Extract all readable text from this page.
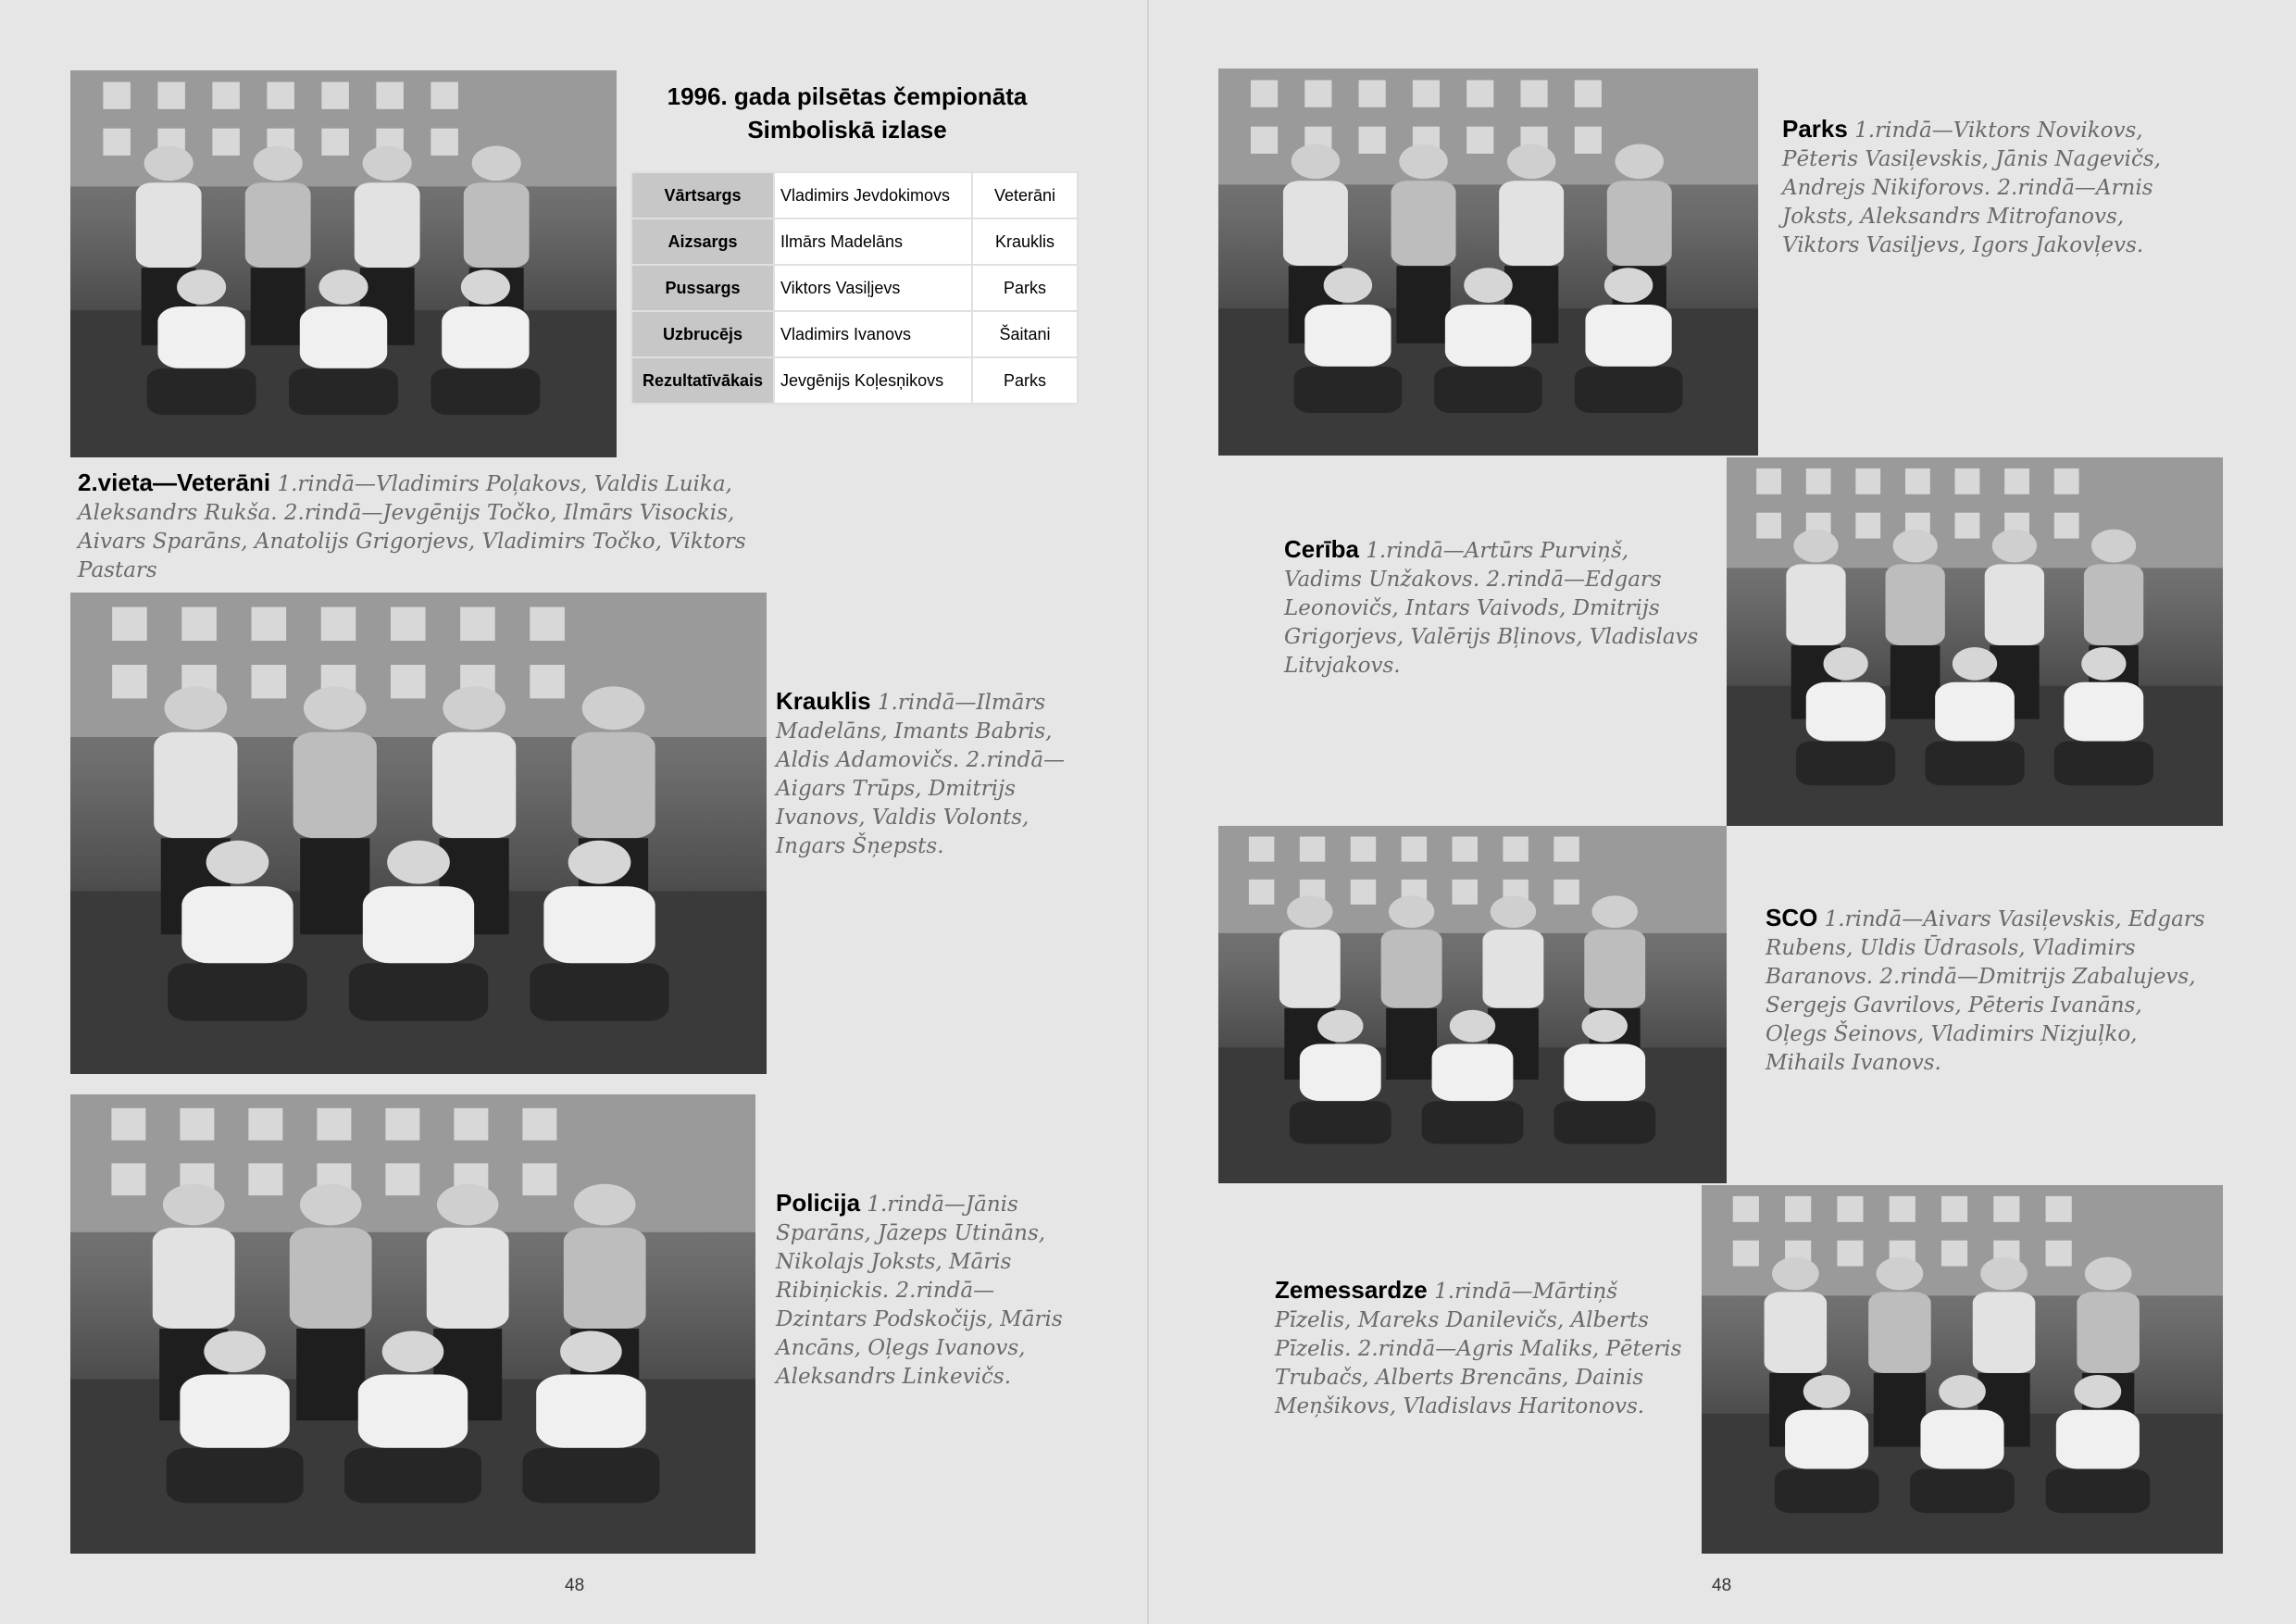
1996. gada pilsētas čempionāta
Simboliskā izlase
Vārtsargs	Vladimirs Jevdokimovs	Veterāni
Aizsargs	Ilmārs Madelāns	Krauklis
Pussargs	Viktors Vasiļjevs	Parks
Uzbrucējs	Vladimirs Ivanovs	Šaitani
Rezultatīvākais	Jevgēnijs Koļesņikovs	Parks
2.vieta—Veterāni 1.rindā—Vladimirs Poļakovs, Valdis Luika, Aleksandrs Rukša. 2.rindā—Jevgēnijs Točko, Ilmārs Visockis, Aivars Sparāns, Anatolijs Grigorjevs, Vladimirs Točko, Viktors Pastars
Krauklis 1.rindā—Ilmārs Madelāns, Imants Babris, Aldis Adamovičs. 2.rindā—Aigars Trūps, Dmitrijs Ivanovs, Valdis Volonts, Ingars Šņepsts.
Policija 1.rindā—Jānis Sparāns, Jāzeps Utināns, Nikolajs Joksts, Māris Ribiņickis. 2.rindā—Dzintars Podskočijs, Māris Ancāns, Oļegs Ivanovs, Aleksandrs Linkevičs.
48
Parks 1.rindā—Viktors Novikovs, Pēteris Vasiļevskis, Jānis Nagevičs, Andrejs Nikiforovs. 2.rindā—Arnis Joksts, Aleksandrs Mitrofanovs, Viktors Vasiļjevs, Igors Jakovļevs.
Cerība 1.rindā—Artūrs Purviņš, Vadims Unžakovs. 2.rindā—Edgars Leonovičs, Intars Vaivods, Dmitrijs Grigorjevs, Valērijs Bļinovs, Vladislavs Litvjakovs.
SCO 1.rindā—Aivars Vasiļevskis, Edgars Rubens, Uldis Ūdrasols, Vladimirs Baranovs. 2.rindā—Dmitrijs Zabalujevs, Sergejs Gavrilovs, Pēteris Ivanāns, Oļegs Šeinovs, Vladimirs Nizjuļko, Mihails Ivanovs.
Zemessardze 1.rindā—Mārtiņš Pīzelis, Mareks Danilevičs, Alberts Pīzelis. 2.rindā—Agris Maliks, Pēteris Trubačs, Alberts Brencāns, Dainis Meņšikovs, Vladislavs Haritonovs.
48
